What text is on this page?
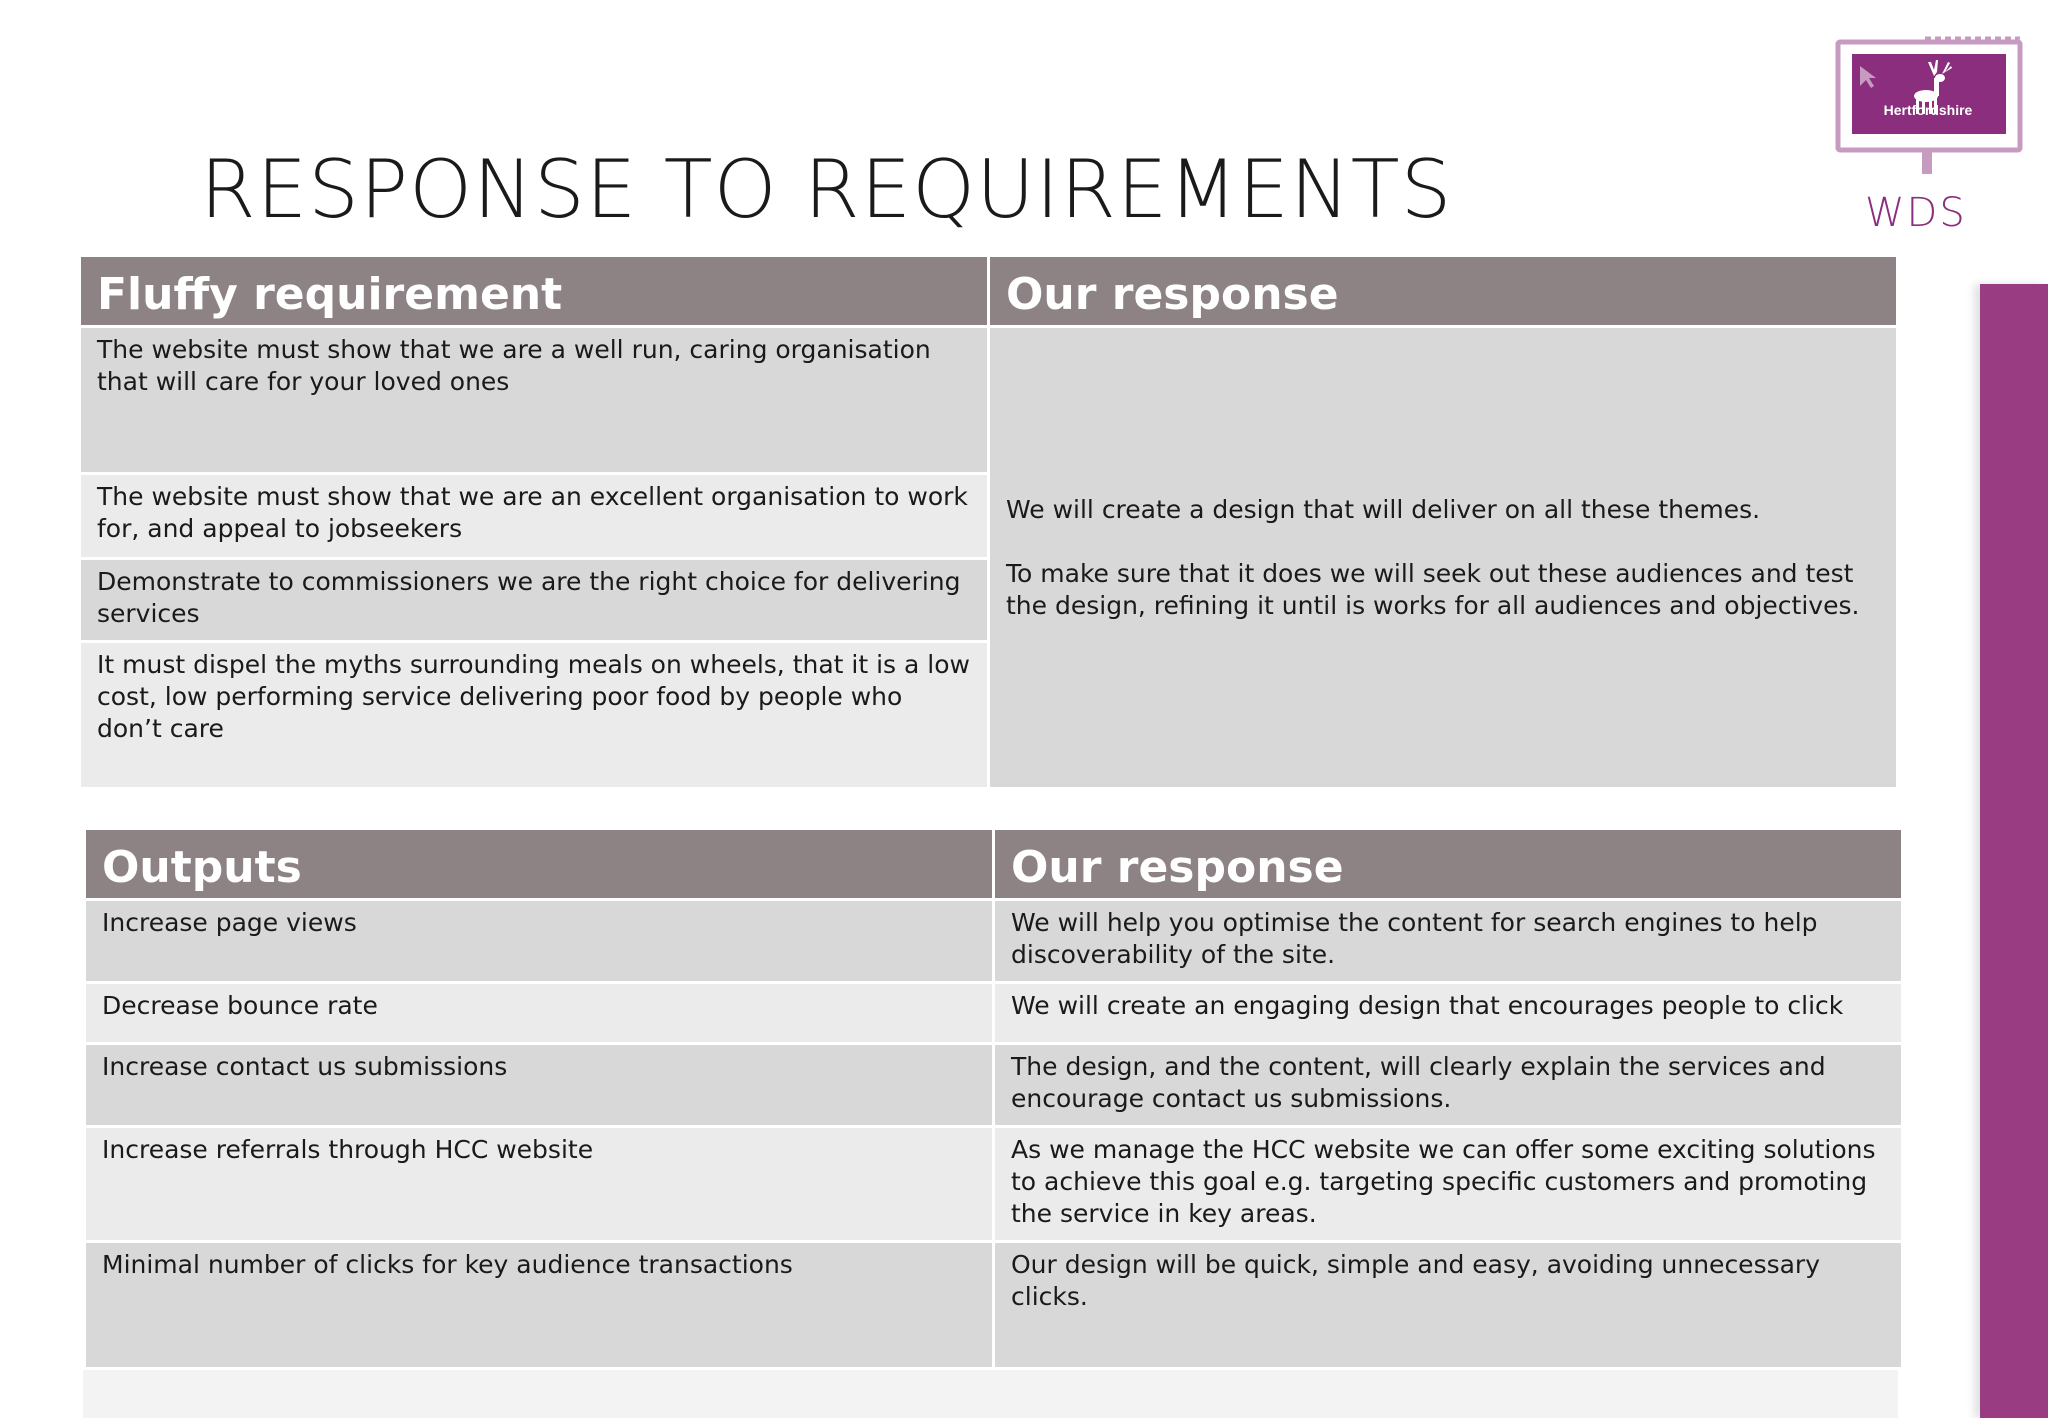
RESPONSE TO REQUIREMENTS
Hertfordshire
WDS
Fluffy requirement	Our response
The website must show that we are a well run, caring organisation that will care for your loved ones	We will create a design that will deliver on all these themes.

To make sure that it does we will seek out these audiences and test the design, refining it until is works for all audiences and objectives.
The website must show that we are an excellent organisation to work for, and appeal to jobseekers	
Demonstrate to commissioners we are the right choice for delivering services	
It must dispel the myths surrounding meals on wheels, that it is a low cost, low performing service delivering poor food by people who don’t care	
Outputs	Our response
Increase page views	We will help you optimise the content for search engines to help discoverability of the site.
Decrease bounce rate	We will create an engaging design that encourages people to click
Increase contact us submissions	The design, and the content, will clearly explain the services and encourage contact us submissions.
Increase referrals through HCC website	As we manage the HCC website we can offer some exciting solutions to achieve this goal e.g. targeting specific customers and promoting the service in key areas.
Minimal number of clicks for key audience transactions	Our design will be quick, simple and easy, avoiding unnecessary clicks.
